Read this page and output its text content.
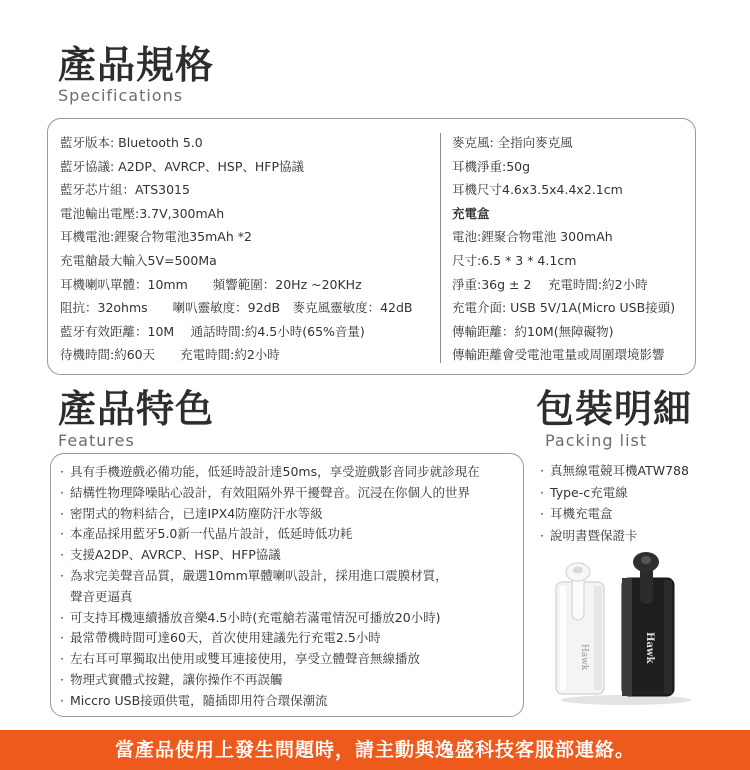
產品規格
Specifications
藍牙版本: Bluetooth 5.0
藍牙協議: A2DP、AVRCP、HSP、HFP協議
藍牙芯片組：ATS3015
電池輸出電壓:3.7V,300mAh
耳機電池:鋰聚合物電池35mAh *2
充電艙最大輸入5V=500Ma
耳機喇叭單體：10mm　　頻響範圍：20Hz ~20KHz
阻抗：32ohms　　喇叭靈敏度：92dB　麥克風靈敏度：42dB
藍牙有效距離：10M　 通話時間:約4.5小時(65%音量)
待機時間:約60天　　充電時間:約2小時
麥克風: 全指向麥克風
耳機淨重:50g
耳機尺寸4.6x3.5x4.4x2.1cm
充電盒
電池:鋰聚合物電池 300mAh
尺寸:6.5 * 3 * 4.1cm
淨重:36g ± 2　 充電時間:約2小時
充電介面: USB 5V/1A(Micro USB接頭)
傳輸距離：約10M(無障礙物)
傳輸距離會受電池電量或周圍環境影響
產品特色
Features
· 具有手機遊戲必備功能，低延時設計達50ms，享受遊戲影音同步就診現在
· 結構性物理降噪貼心設計，有效阻隔外界干擾聲音。沉浸在你個人的世界
· 密閉式的物料結合，已達IPX4防塵防汗水等級
· 本產品採用藍牙5.0新一代晶片設計，低延時低功耗
· 支援A2DP、AVRCP、HSP、HFP協議
· 為求完美聲音品質，嚴選10mm單體喇叭設計，採用進口震膜材質，
聲音更逼真
· 可支持耳機連續播放音樂4.5小時(充電艙若滿電情況可播放20小時)
· 最常帶機時間可達60天，首次使用建議先行充電2.5小時
· 左右耳可單獨取出使用或雙耳連接使用，享受立體聲音無線播放
· 物理式實體式按鍵，讓你操作不再誤觸
· Miccro USB接頭供電，隨插即用符合環保潮流
包裝明細
Packing list
· 真無線電競耳機ATW788
· Type-c充電線
· 耳機充電盒
· 說明書暨保證卡
Hawk	Hawk
當產品使用上發生問題時，請主動與逸盛科技客服部連絡。
